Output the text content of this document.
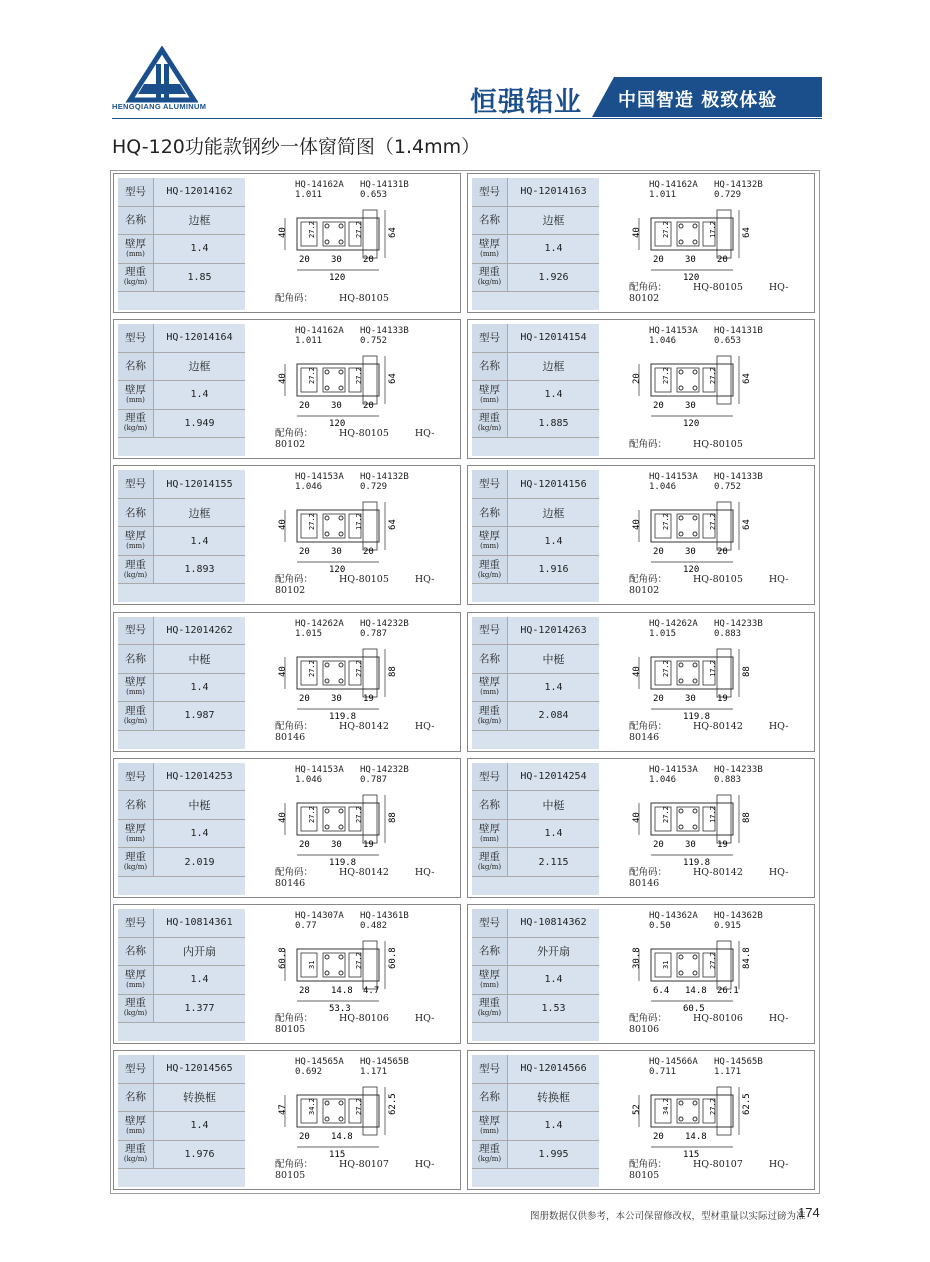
HENGQIANG ALUMINUM	恒强铝业 中国智造 极致体验
HQ-120功能款钢纱一体窗简图（1.4mm）
型号	HQ-12014162
名称	边框
壁厚
(mm)	1.4
理重
(kg/m)	1.85
HQ-14162A HQ-14131B
1.011	0.653
40	27.2	27.2	64
20 30 20
120
配角码：	HQ-80105
型号	HQ-12014163
名称	边框
壁厚
(mm)	1.4
理重
(kg/m)	1.926
HQ-14162A HQ-14132B
1.011	0.729
40	27.2	17.2	64
20 30 20
120
配角码：	HQ-80105	HQ-80102
型号	HQ-12014164
名称	边框
壁厚
(mm)	1.4
理重
(kg/m)	1.949
HQ-14162A HQ-14133B
1.011	0.752
40	27.2	27.2	64
20 30 20
120
配角码：	HQ-80105	HQ-80102
型号	HQ-12014154
名称	边框
壁厚
(mm)	1.4
理重
(kg/m)	1.885
HQ-14153A HQ-14131B
1.046	0.653
20	27.2	27.2	64
20 30
120
配角码：	HQ-80105
型号	HQ-12014155
名称	边框
壁厚
(mm)	1.4
理重
(kg/m)	1.893
HQ-14153A HQ-14132B
1.046	0.729
40	27.2	17.2	64
20 30 20
120
配角码：	HQ-80105	HQ-80102
型号	HQ-12014156
名称	边框
壁厚
(mm)	1.4
理重
(kg/m)	1.916
HQ-14153A HQ-14133B
1.046	0.752
40	27.2	27.2	64
20 30 20
120
配角码：	HQ-80105	HQ-80102
型号	HQ-12014262
名称	中梃
壁厚
(mm)	1.4
理重
(kg/m)	1.987
HQ-14262A HQ-14232B
1.015	0.787
40	27.2	27.2	88
20 30 19
119.8
配角码：	HQ-80142	HQ-80146
型号	HQ-12014263
名称	中梃
壁厚
(mm)	1.4
理重
(kg/m)	2.084
HQ-14262A HQ-14233B
1.015	0.883
40	27.2	17.2	88
20 30 19
119.8
配角码：	HQ-80142	HQ-80146
型号	HQ-12014253
名称	中梃
壁厚
(mm)	1.4
理重
(kg/m)	2.019
HQ-14153A HQ-14232B
1.046	0.787
40	27.2	27.2	88
20 30 19
119.8
配角码：	HQ-80142	HQ-80146
型号	HQ-12014254
名称	中梃
壁厚
(mm)	1.4
理重
(kg/m)	2.115
HQ-14153A HQ-14233B
1.046	0.883
40	27.2	17.2	88
20 30 19
119.8
配角码：	HQ-80142	HQ-80146
型号	HQ-10814361
名称	内开扇
壁厚
(mm)	1.4
理重
(kg/m)	1.377
HQ-14307A HQ-14361B
0.77	0.482
60.8	31	27.2	60.8
28 14.8 4.7
53.3
配角码：	HQ-80106	HQ-80105
型号	HQ-10814362
名称	外开扇
壁厚
(mm)	1.4
理重
(kg/m)	1.53
HQ-14362A HQ-14362B
0.50	0.915
30.8	31	27.2	84.8
6.4 14.8 26.1
60.5
配角码：	HQ-80106	HQ-80106
型号	HQ-12014565
名称	转换框
壁厚
(mm)	1.4
理重
(kg/m)	1.976
HQ-14565A HQ-14565B
0.692	1.171
47	34.2	27.2	62.5
20 14.8
115
配角码：	HQ-80107	HQ-80105
型号	HQ-12014566
名称	转换框
壁厚
(mm)	1.4
理重
(kg/m)	1.995
HQ-14566A HQ-14565B
0.711	1.171
52	34.2	27.2	62.5
20 14.8
115
配角码：	HQ-80107	HQ-80105
图册数据仅供参考，本公司保留修改权，型材重量以实际过磅为准
174
